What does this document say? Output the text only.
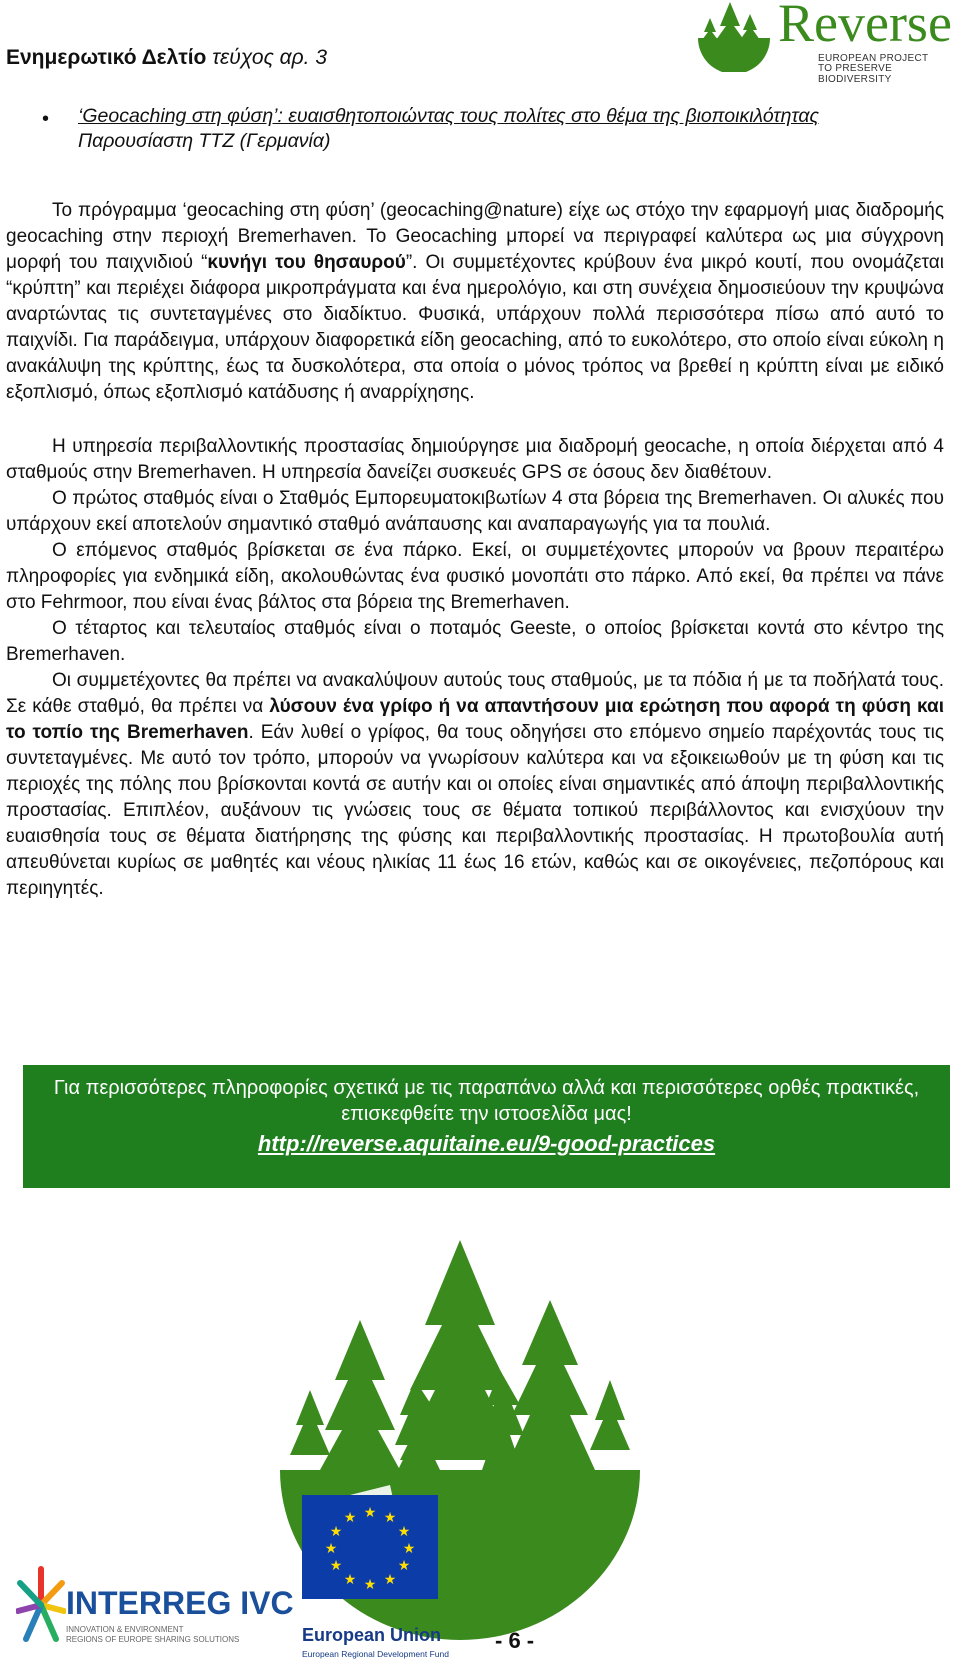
Ενημερωτικό Δελτίο τεύχος αρ. 3
Reverse
EUROPEAN PROJECT
TO PRESERVE BIODIVERSITY
• ‘Geocaching στη φύση’: ευαισθητοποιώντας τους πολίτες στο θέμα της βιοποικιλότητας
Παρουσίαστη TTZ (Γερμανία)

Το πρόγραμμα ‘geocaching στη φύση’ (geocaching@nature) είχε ως στόχο την εφαρμογή μιας διαδρομής geocaching στην περιοχή Bremerhaven. Το Geocaching μπορεί να περιγραφεί καλύτερα ως μια σύγχρονη μορφή του παιχνιδιού “κυνήγι του θησαυρού”. Οι συμμετέχοντες κρύβουν ένα μικρό κουτί, που ονομάζεται “κρύπτη” και περιέχει διάφορα μικροπράγματα και ένα ημερολόγιο, και στη συνέχεια δημοσιεύουν την κρυψώνα αναρτώντας τις συντεταγμένες στο διαδίκτυο. Φυσικά, υπάρχουν πολλά περισσότερα πίσω από αυτό το παιχνίδι. Για παράδειγμα, υπάρχουν διαφορετικά είδη geocaching, από το ευκολότερο, στο οποίο είναι εύκολη η ανακάλυψη της κρύπτης, έως τα δυσκολότερα, στα οποία ο μόνος τρόπος να βρεθεί η κρύπτη είναι με ειδικό εξοπλισμό, όπως εξοπλισμό κατάδυσης ή αναρρίχησης.

Η υπηρεσία περιβαλλοντικής προστασίας δημιούργησε μια διαδρομή geocache, η οποία διέρχεται από 4 σταθμούς στην Bremerhaven. Η υπηρεσία δανείζει συσκευές GPS σε όσους δεν διαθέτουν.

Ο πρώτος σταθμός είναι ο Σταθμός Εμπορευματοκιβωτίων 4 στα βόρεια της Bremerhaven. Οι αλυκές που υπάρχουν εκεί αποτελούν σημαντικό σταθμό ανάπαυσης και αναπαραγωγής για τα πουλιά.

Ο επόμενος σταθμός βρίσκεται σε ένα πάρκο. Εκεί, οι συμμετέχοντες μπορούν να βρουν περαιτέρω πληροφορίες για ενδημικά είδη, ακολουθώντας ένα φυσικό μονοπάτι στο πάρκο. Από εκεί, θα πρέπει να πάνε στο Fehrmoor, που είναι ένας βάλτος στα βόρεια της Bremerhaven.

Ο τέταρτος και τελευταίος σταθμός είναι ο ποταμός Geeste, ο οποίος βρίσκεται κοντά στο κέντρο της Bremerhaven.

Οι συμμετέχοντες θα πρέπει να ανακαλύψουν αυτούς τους σταθμούς, με τα πόδια ή με τα ποδήλατά τους. Σε κάθε σταθμό, θα πρέπει να λύσουν ένα γρίφο ή να απαντήσουν μια ερώτηση που αφορά τη φύση και το τοπίο της Bremerhaven. Εάν λυθεί ο γρίφος, θα τους οδηγήσει στο επόμενο σημείο παρέχοντάς τους τις συντεταγμένες. Με αυτό τον τρόπο, μπορούν να γνωρίσουν καλύτερα και να εξοικειωθούν με τη φύση και τις περιοχές της πόλης που βρίσκονται κοντά σε αυτήν και οι οποίες είναι σημαντικές από άποψη περιβαλλοντικής προστασίας. Επιπλέον, αυξάνουν τις γνώσεις τους σε θέματα τοπικού περιβάλλοντος και ενισχύουν την ευαισθησία τους σε θέματα διατήρησης της φύσης και περιβαλλοντικής προστασίας. Η πρωτοβουλία αυτή απευθύνεται κυρίως σε μαθητές και νέους ηλικίας 11 έως 16 ετών, καθώς και σε οικογένειες, πεζοπόρους και περιηγητές.

Για περισσότερες πληροφορίες σχετικά με τις παραπάνω αλλά και περισσότερες ορθές πρακτικές, επισκεφθείτε την ιστοσελίδα μας!
http://reverse.aquitaine.eu/9-good-practices
INTERREG IVC
INNOVATION & ENVIRONMENT
REGIONS OF EUROPE SHARING SOLUTIONS
★ ★
★
★
★
★
★
★
★
★
★
★
European Union
European Regional Development Fund
- 6 -
